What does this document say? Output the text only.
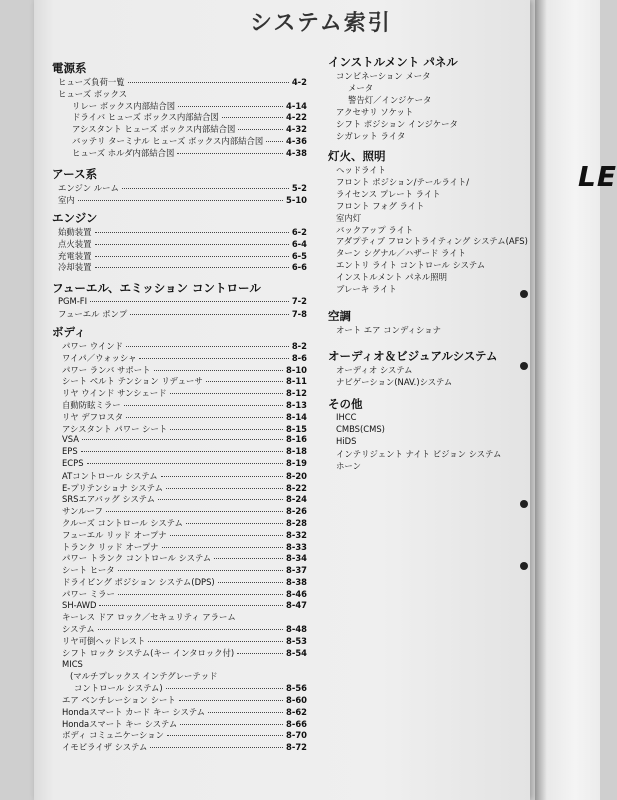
LE
システム索引
電源系
ヒューズ負荷一覧	4-2
ヒューズ ボックス
リレー ボックス内部結合図	4-14
ドライバ ヒューズ ボックス内部結合図	4-22
アシスタント ヒューズ ボックス内部結合図	4-32
バッテリ ターミナル ヒューズ ボックス内部結合図	4-36
ヒューズ ホルダ内部結合図	4-38
アース系
エンジン ルーム	5-2
室内	5-10
エンジン
始動装置	6-2
点火装置	6-4
充電装置	6-5
冷却装置	6-6
フューエル、エミッション コントロール
PGM-FI	7-2
フューエル ポンプ	7-8
ボディ
パワー ウインド	8-2
ワイパ／ウォッシャ	8-6
パワー ランバ サポート	8-10
シート ベルト テンション リデューサ	8-11
リヤ ウインド サンシェード	8-12
自動防眩ミラー	8-13
リヤ デフロスタ	8-14
アシスタント パワー シート	8-15
VSA	8-16
EPS	8-18
ECPS	8-19
ATコントロール システム	8-20
E-プリテンショナ システム	8-22
SRSエアバッグ システム	8-24
サンルーフ	8-26
クルーズ コントロール システム	8-28
フューエル リッド オープナ	8-32
トランク リッド オープナ	8-33
パワー トランク コントロール システム	8-34
シート ヒータ	8-37
ドライビング ポジション システム(DPS)	8-38
パワー ミラー	8-46
SH-AWD	8-47
キーレス ドア ロック／セキュリティ アラーム
システム	8-48
リヤ可倒ヘッドレスト	8-53
シフト ロック システム(キー インタロック付)	8-54
MICS
(マルチプレックス インテグレーテッド
コントロール システム)	8-56
エア ベンチレーション シート	8-60
Hondaスマート カード キー システム	8-62
Hondaスマート キー システム	8-66
ボディ コミュニケーション	8-70
イモビライザ システム	8-72
インストルメント パネル
コンビネーション メータ
メータ
警告灯／インジケータ
アクセサリ ソケット
シフト ポジション インジケータ
シガレット ライタ
灯火、照明
ヘッドライト
フロント ポジション/テールライト/
ライセンス プレート ライト
フロント フォグ ライト
室内灯
バックアップ ライト
アダプティブ フロントライティング システム(AFS)
ターン シグナル／ハザード ライト
エントリ ライト コントロール システム
インストルメント パネル照明
ブレーキ ライト
空調
オート エア コンディショナ
オーディオ＆ビジュアルシステム
オーディオ システム
ナビゲーション(NAV.)システム
その他
IHCC
CMBS(CMS)
HiDS
インテリジェント ナイト ビジョン システム
ホーン
